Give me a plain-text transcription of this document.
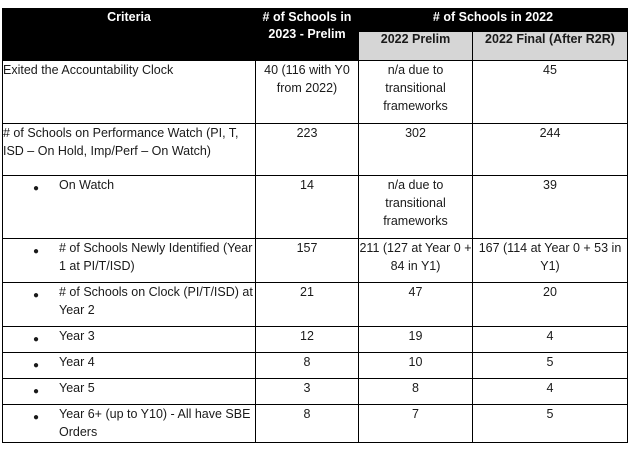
Criteria	# of Schools in 2023 - Prelim	# of Schools in 2022	
		2022 Prelim	2022 Final (After R2R)
Exited the Accountability Clock	40 (116 with Y0 from 2022)	n/a due to transitional frameworks	45
# of Schools on Performance Watch (PI, T, ISD – On Hold, Imp/Perf – On Watch)	223	302	244

● On Watch	14	n/a due to transitional frameworks	39

● # of Schools Newly Identified (Year 1 at PI/T/ISD)	157	211 (127 at Year 0 + 84 in Y1)	167 (114 at Year 0 + 53 in Y1)

● # of Schools on Clock (PI/T/ISD) at Year 2	21	47	20

● Year 3	12	19	4

● Year 4	8	10	5

● Year 5	3	8	4

● Year 6+ (up to Y10) - All have SBE Orders	8	7	5
